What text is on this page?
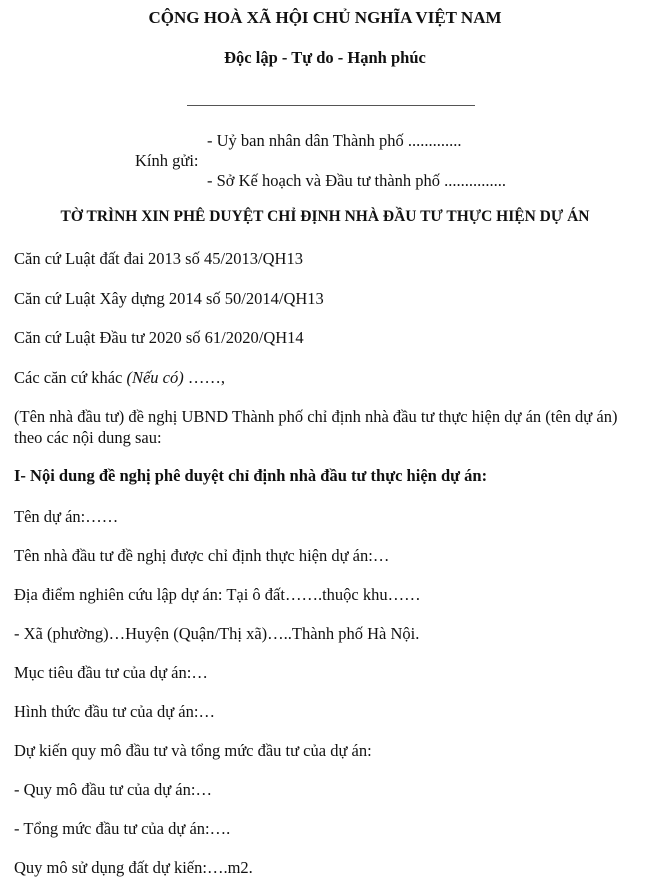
CỘNG HOÀ XÃ HỘI CHỦ NGHĨA VIỆT NAM
Độc lập - Tự do - Hạnh phúc
- Uỷ ban nhân dân Thành phố .............
Kính gửi:
- Sở Kế hoạch và Đầu tư thành phố ...............
TỜ TRÌNH XIN PHÊ DUYỆT CHỈ ĐỊNH NHÀ ĐẦU TƯ THỰC HIỆN DỰ ÁN
Căn cứ Luật đất đai 2013 số 45/2013/QH13
Căn cứ Luật Xây dựng 2014 số 50/2014/QH13
Căn cứ Luật Đầu tư 2020 số 61/2020/QH14
Các căn cứ khác (Nếu có) ……,
(Tên nhà đầu tư) đề nghị UBND Thành phố chỉ định nhà đầu tư thực hiện dự án (tên dự án) theo các nội dung sau:
I- Nội dung đề nghị phê duyệt chỉ định nhà đầu tư thực hiện dự án:
Tên dự án:……
Tên nhà đầu tư đề nghị được chỉ định thực hiện dự án:…
Địa điểm nghiên cứu lập dự án: Tại ô đất…….thuộc khu……
- Xã (phường)…Huyện (Quận/Thị xã)…..Thành phố Hà Nội.
Mục tiêu đầu tư của dự án:…
Hình thức đầu tư của dự án:…
Dự kiến quy mô đầu tư và tổng mức đầu tư của dự án:
- Quy mô đầu tư của dự án:…
- Tổng mức đầu tư của dự án:….
Quy mô sử dụng đất dự kiến:….m2.
